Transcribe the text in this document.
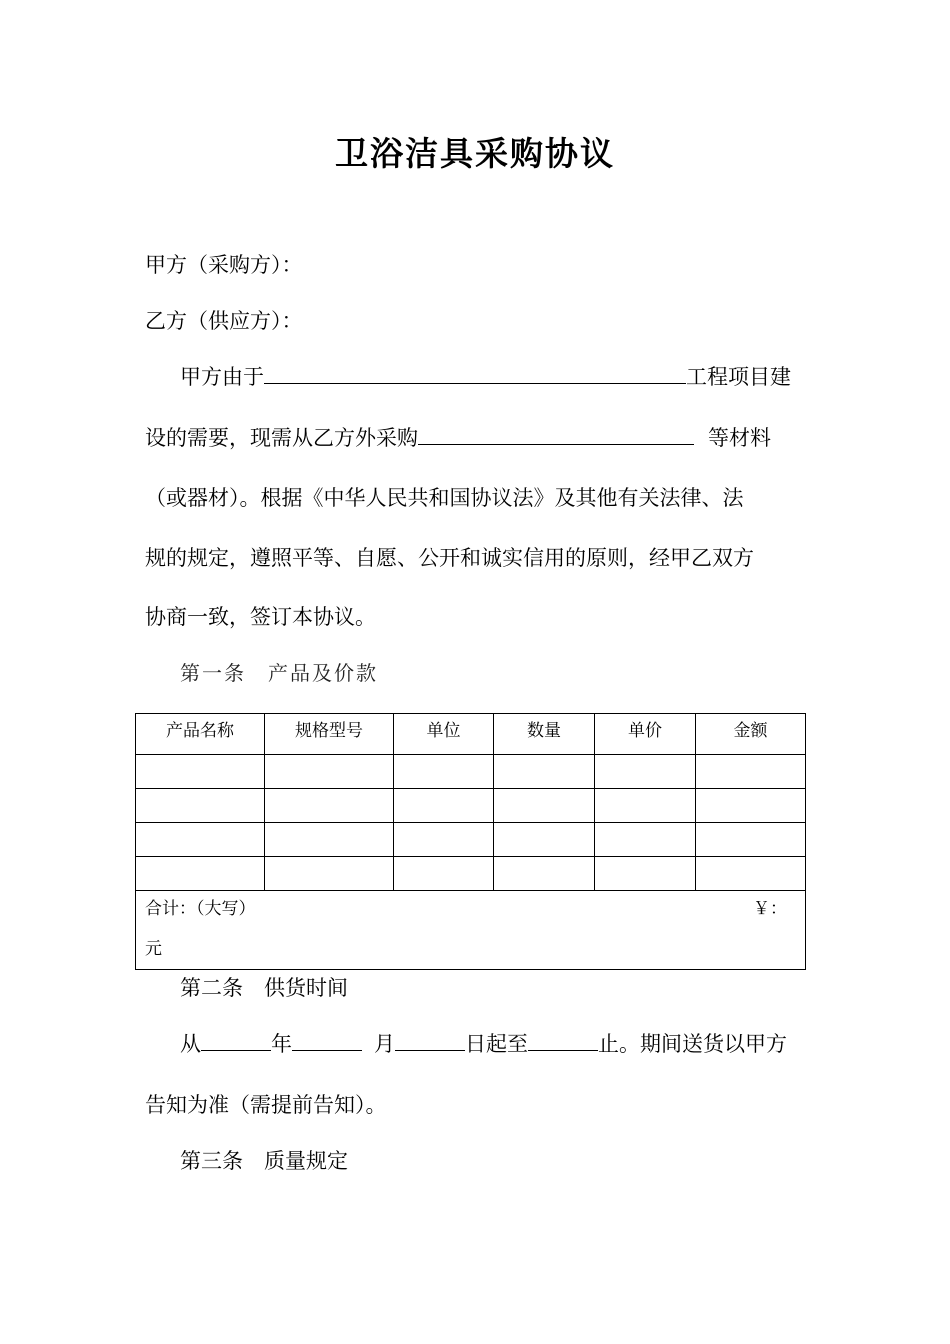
卫浴洁具采购协议
甲方（采购方）：
乙方（供应方）：
甲方由于	工程项目建
设的需要，现需从乙方外采购	等材料
（或器材）。根据《中华人民共和国协议法》及其他有关法律、法
规的规定，遵照平等、自愿、公开和诚实信用的原则，经甲乙双方
协商一致，签订本协议。
第一条　产品及价款
产品名称	规格型号	单位	数量	单价	金额

合计：（大写） ￥：
元					
第二条　供货时间
从	年	月	日起至	止。期间送货以甲方
告知为准（需提前告知）。
第三条　质量规定
